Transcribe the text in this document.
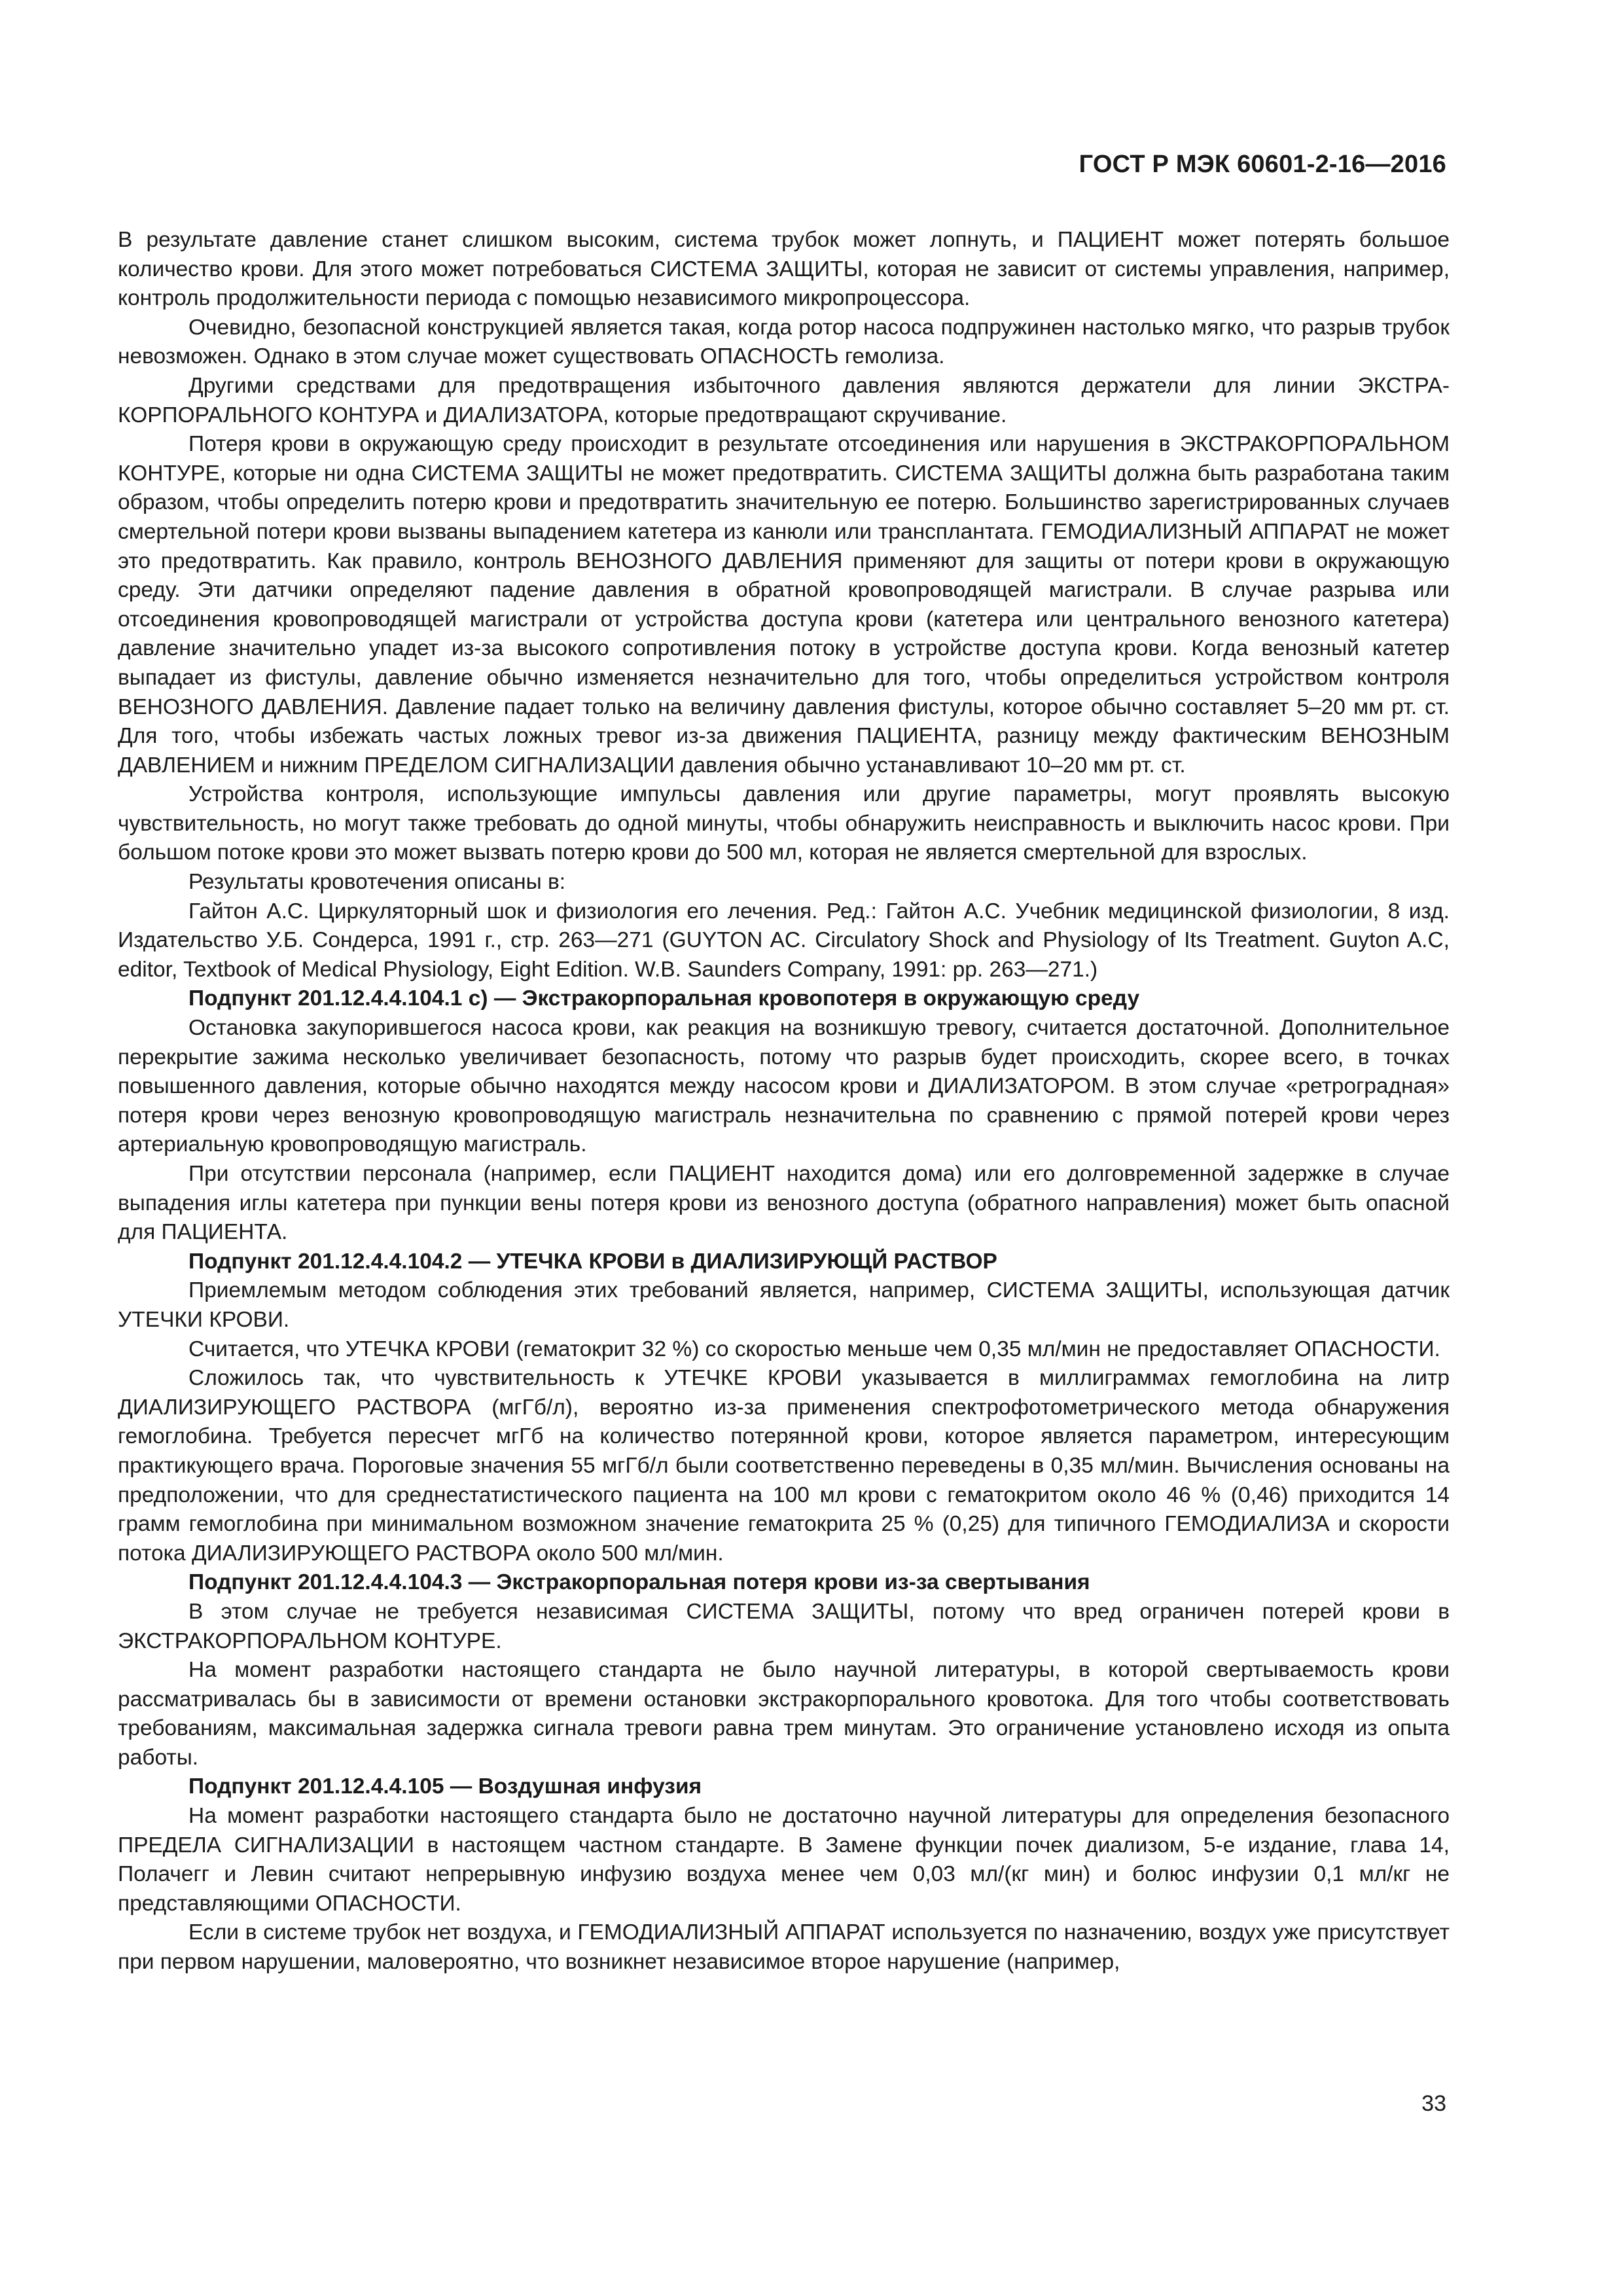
ГОСТ Р МЭК 60601-2-16—2016

В результате давление станет слишком высоким, система трубок может лопнуть, и ПАЦИЕНТ может потерять большое количество крови. Для этого может потребоваться СИСТЕМА ЗАЩИТЫ, которая не зависит от системы управления, например, контроль продолжительности периода с помощью независимого микропроцессора.

Очевидно, безопасной конструкцией является такая, когда ротор насоса подпружинен настолько мягко, что разрыв трубок невозможен. Однако в этом случае может существовать ОПАСНОСТЬ гемолиза.

Другими средствами для предотвращения избыточного давления являются держатели для линии ЭКСТРАКОРПОРАЛЬНОГО КОНТУРА и ДИАЛИЗАТОРА, которые предотвращают скручивание.

Потеря крови в окружающую среду происходит в результате отсоединения или нарушения в ЭКСТРАКОРПОРАЛЬНОМ КОНТУРЕ, которые ни одна СИСТЕМА ЗАЩИТЫ не может предотвратить. СИСТЕМА ЗАЩИТЫ должна быть разработана таким образом, чтобы определить потерю крови и предотвратить значительную ее потерю. Большинство зарегистрированных случаев смертельной потери крови вызваны выпадением катетера из канюли или трансплантата. ГЕМОДИАЛИЗНЫЙ АППАРАТ не может это предотвратить. Как правило, контроль ВЕНОЗНОГО ДАВЛЕНИЯ применяют для защиты от потери крови в окружающую среду. Эти датчики определяют падение давления в обратной кровопроводящей магистрали. В случае разрыва или отсоединения кровопроводящей магистрали от устройства доступа крови (катетера или центрального венозного катетера) давление значительно упадет из-за высокого сопротивления потоку в устройстве доступа крови. Когда венозный катетер выпадает из фистулы, давление обычно изменяется незначительно для того, чтобы определиться устройством контроля ВЕНОЗНОГО ДАВЛЕНИЯ. Давление падает только на величину давления фистулы, которое обычно составляет 5–20 мм рт. ст. Для того, чтобы избежать частых ложных тревог из-за движения ПАЦИЕНТА, разницу между фактическим ВЕНОЗНЫМ ДАВЛЕНИЕМ и нижним ПРЕДЕЛОМ СИГНАЛИЗАЦИИ давления обычно устанавливают 10–20 мм рт. ст.

Устройства контроля, использующие импульсы давления или другие параметры, могут проявлять высокую чувствительность, но могут также требовать до одной минуты, чтобы обнаружить неисправность и выключить насос крови. При большом потоке крови это может вызвать потерю крови до 500 мл, которая не является смертельной для взрослых.

Результаты кровотечения описаны в:

Гайтон А.С. Циркуляторный шок и физиология его лечения. Ред.: Гайтон А.С. Учебник медицинской физиологии, 8 изд. Издательство У.Б. Сондерса, 1991 г., стр. 263—271 (GUYTON AC. Circulatory Shock and Physiology of Its Treatment. Guyton A.C, editor, Textbook of Medical Physiology, Eight Edition. W.B. Saunders Company, 1991: pp. 263—271.)

Подпункт 201.12.4.4.104.1 c) — Экстракорпоральная кровопотеря в окружающую среду

Остановка закупорившегося насоса крови, как реакция на возникшую тревогу, считается достаточной. Дополнительное перекрытие зажима несколько увеличивает безопасность, потому что разрыв будет происходить, скорее всего, в точках повышенного давления, которые обычно находятся между насосом крови и ДИАЛИЗАТОРОМ. В этом случае «ретроградная» потеря крови через венозную кровопроводящую магистраль незначительна по сравнению с прямой потерей крови через артериальную кровопроводящую магистраль.

При отсутствии персонала (например, если ПАЦИЕНТ находится дома) или его долговременной задержке в случае выпадения иглы катетера при пункции вены потеря крови из венозного доступа (обратного направления) может быть опасной для ПАЦИЕНТА.

Подпункт 201.12.4.4.104.2 — УТЕЧКА КРОВИ в ДИАЛИЗИРУЮЩЙ РАСТВОР

Приемлемым методом соблюдения этих требований является, например, СИСТЕМА ЗАЩИТЫ, использующая датчик УТЕЧКИ КРОВИ.

Считается, что УТЕЧКА КРОВИ (гематокрит 32 %) со скоростью меньше чем 0,35 мл/мин не предоставляет ОПАСНОСТИ.

Сложилось так, что чувствительность к УТЕЧКЕ КРОВИ указывается в миллиграммах гемоглобина на литр ДИАЛИЗИРУЮЩЕГО РАСТВОРА (мгГб/л), вероятно из-за применения спектрофотометрического метода обнаружения гемоглобина. Требуется пересчет мгГб на количество потерянной крови, которое является параметром, интересующим практикующего врача. Пороговые значения 55 мгГб/л были соответственно переведены в 0,35 мл/мин. Вычисления основаны на предположении, что для среднестатистического пациента на 100 мл крови с гематокритом около 46 % (0,46) приходится 14 грамм гемоглобина при минимальном возможном значение гематокрита 25 % (0,25) для типичного ГЕМОДИАЛИЗА и скорости потока ДИАЛИЗИРУЮЩЕГО РАСТВОРА около 500 мл/мин.

Подпункт 201.12.4.4.104.3 — Экстракорпоральная потеря крови из-за свертывания

В этом случае не требуется независимая СИСТЕМА ЗАЩИТЫ, потому что вред ограничен потерей крови в ЭКСТРАКОРПОРАЛЬНОМ КОНТУРЕ.

На момент разработки настоящего стандарта не было научной литературы, в которой свертываемость крови рассматривалась бы в зависимости от времени остановки экстракорпорального кровотока. Для того чтобы соответствовать требованиям, максимальная задержка сигнала тревоги равна трем минутам. Это ограничение установлено исходя из опыта работы.

Подпункт 201.12.4.4.105 — Воздушная инфузия

На момент разработки настоящего стандарта было не достаточно научной литературы для определения безопасного ПРЕДЕЛА СИГНАЛИЗАЦИИ в настоящем частном стандарте. В Замене функции почек диализом, 5-е издание, глава 14, Полачегг и Левин считают непрерывную инфузию воздуха менее чем 0,03 мл/(кг мин) и болюс инфузии 0,1 мл/кг не представляющими ОПАСНОСТИ.

Если в системе трубок нет воздуха, и ГЕМОДИАЛИЗНЫЙ АППАРАТ используется по назначению, воздух уже присутствует при первом нарушении, маловероятно, что возникнет независимое второе нарушение (например,

33
